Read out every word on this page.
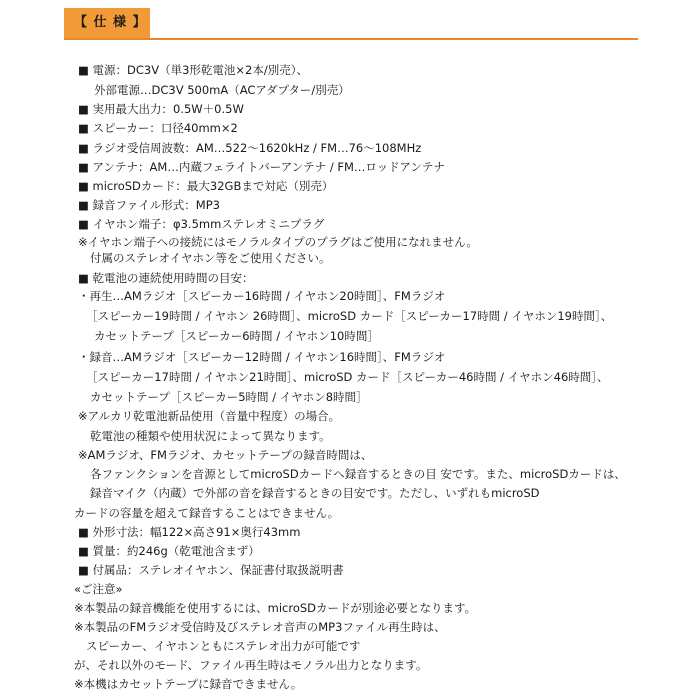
【 仕 様 】
■ 電源：DC3V（単3形乾電池×2本/別売）、
外部電源…DC3V 500mA（ACアダプター/別売）
■ 実用最大出力：0.5W＋0.5W
■ スピーカー：口径40mm×2
■ ラジオ受信周波数：AM…522～1620kHz / FM…76～108MHz
■ アンテナ：AM…内蔵フェライトバーアンテナ / FM…ロッドアンテナ
■ microSDカード：最大32GBまで対応（別売）
■ 録音ファイル形式：MP3
■ イヤホン端子：φ3.5mmステレオミニプラグ
※イヤホン端子への接続にはモノラルタイプのプラグはご使用になれません。
付属のステレオイヤホン等をご使用ください。
■ 乾電池の連続使用時間の目安：
・再生…AMラジオ［スピーカー16時間 / イヤホン20時間］、FMラジオ
［スピーカー19時間 / イヤホン 26時間］、microSD カード［スピーカー17時間 / イヤホン19時間］、
カセットテープ［スピーカー6時間 / イヤホン10時間］
・録音…AMラジオ［スピーカー12時間 / イヤホン16時間］、FMラジオ
［スピーカー17時間 / イヤホン21時間］、microSD カード［スピーカー46時間 / イヤホン46時間］、
カセットテープ［スピーカー5時間 / イヤホン8時間］
※アルカリ乾電池新品使用（音量中程度）の場合。
乾電池の種類や使用状況によって異なります。
※AMラジオ、FMラジオ、カセットテープの録音時間は、
各ファンクションを音源としてmicroSDカードへ録音するときの目 安です。また、microSDカードは、
録音マイク（内蔵）で外部の音を録音するときの目安です。ただし、いずれもmicroSD
カードの容量を超えて録音することはできません。
■ 外形寸法：幅122×高さ91×奥行43mm
■ 質量：約246g（乾電池含まず）
■ 付属品：ステレオイヤホン、保証書付取扱説明書
«ご注意»
※本製品の録音機能を使用するには、microSDカードが別途必要となります。
※本製品のFMラジオ受信時及びステレオ音声のMP3ファイル再生時は、
スピーカー、イヤホンともにステレオ出力が可能です
が、それ以外のモード、ファイル再生時はモノラル出力となります。
※本機はカセットテープに録音できません。
